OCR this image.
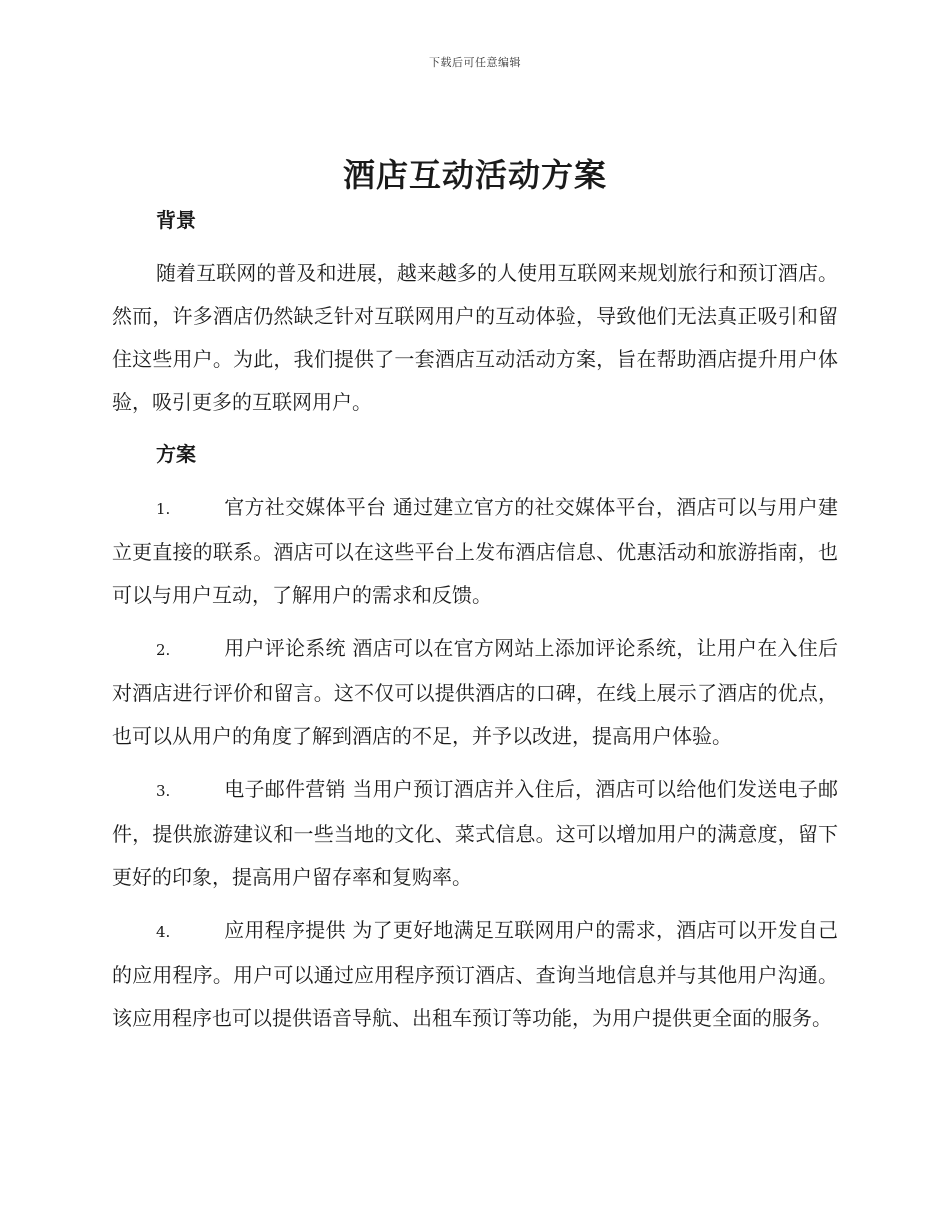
下载后可任意编辑
酒店互动活动方案
背景

随着互联网的普及和进展，越来越多的人使用互联网来规划旅行和预订酒店。然而，许多酒店仍然缺乏针对互联网用户的互动体验，导致他们无法真正吸引和留住这些用户。为此，我们提供了一套酒店互动活动方案，旨在帮助酒店提升用户体验，吸引更多的互联网用户。

方案

1.	官方社交媒体平台 通过建立官方的社交媒体平台，酒店可以与用户建立更直接的联系。酒店可以在这些平台上发布酒店信息、优惠活动和旅游指南，也可以与用户互动，了解用户的需求和反馈。

2.	用户评论系统 酒店可以在官方网站上添加评论系统，让用户在入住后对酒店进行评价和留言。这不仅可以提供酒店的口碑，在线上展示了酒店的优点，也可以从用户的角度了解到酒店的不足，并予以改进，提高用户体验。

3.	电子邮件营销 当用户预订酒店并入住后，酒店可以给他们发送电子邮件，提供旅游建议和一些当地的文化、菜式信息。这可以增加用户的满意度，留下更好的印象，提高用户留存率和复购率。

4.	应用程序提供 为了更好地满足互联网用户的需求，酒店可以开发自己的应用程序。用户可以通过应用程序预订酒店、查询当地信息并与其他用户沟通。该应用程序也可以提供语音导航、出租车预订等功能，为用户提供更全面的服务。
